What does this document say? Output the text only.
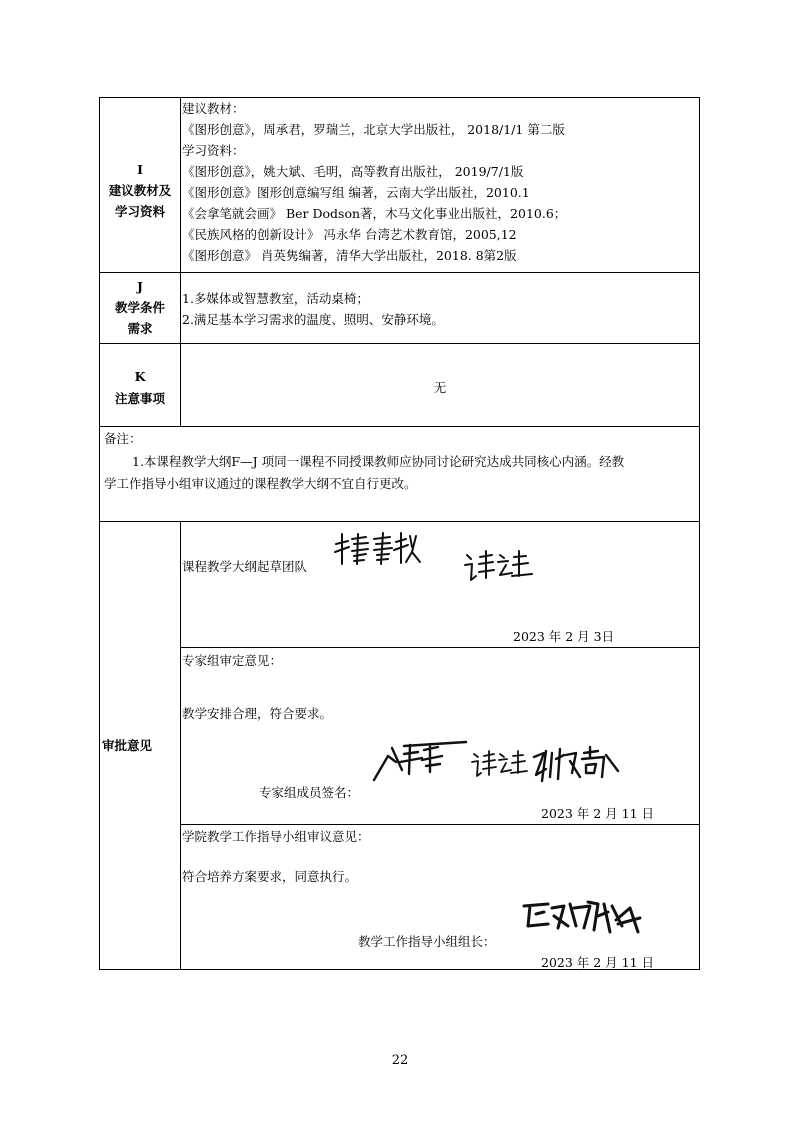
I
建议教材及
学习资料
建议教材：
《图形创意》，周承君，罗瑞兰，北京大学出版社， 2018/1/1 第二版
学习资料：
《图形创意》，姚大斌、毛明，高等教育出版社， 2019/7/1版
《图形创意》图形创意编写组 编著，云南大学出版社，2010.1
《会拿笔就会画》 Ber Dodson著，木马文化事业出版社，2010.6；
《民族风格的创新设计》 冯永华 台湾艺术教育馆，2005,12
《图形创意》 肖英隽编著，清华大学出版社，2018. 8第2版
J
教学条件
需求
1.多媒体或智慧教室，活动桌椅；
2.满足基本学习需求的温度、照明、安静环境。
K
注意事项
无
备注：
1.本课程教学大纲F—J 项同一课程不同授课教师应协同讨论研究达成共同核心内涵。经教
学工作指导小组审议通过的课程教学大纲不宜自行更改。
审批意见
课程教学大纲起草团队
2023 年 2 月 3日
专家组审定意见：
教学安排合理，符合要求。
专家组成员签名：
2023 年 2 月 11 日
学院教学工作指导小组审议意见：
符合培养方案要求，同意执行。
教学工作指导小组组长：
2023 年 2 月 11 日
22
